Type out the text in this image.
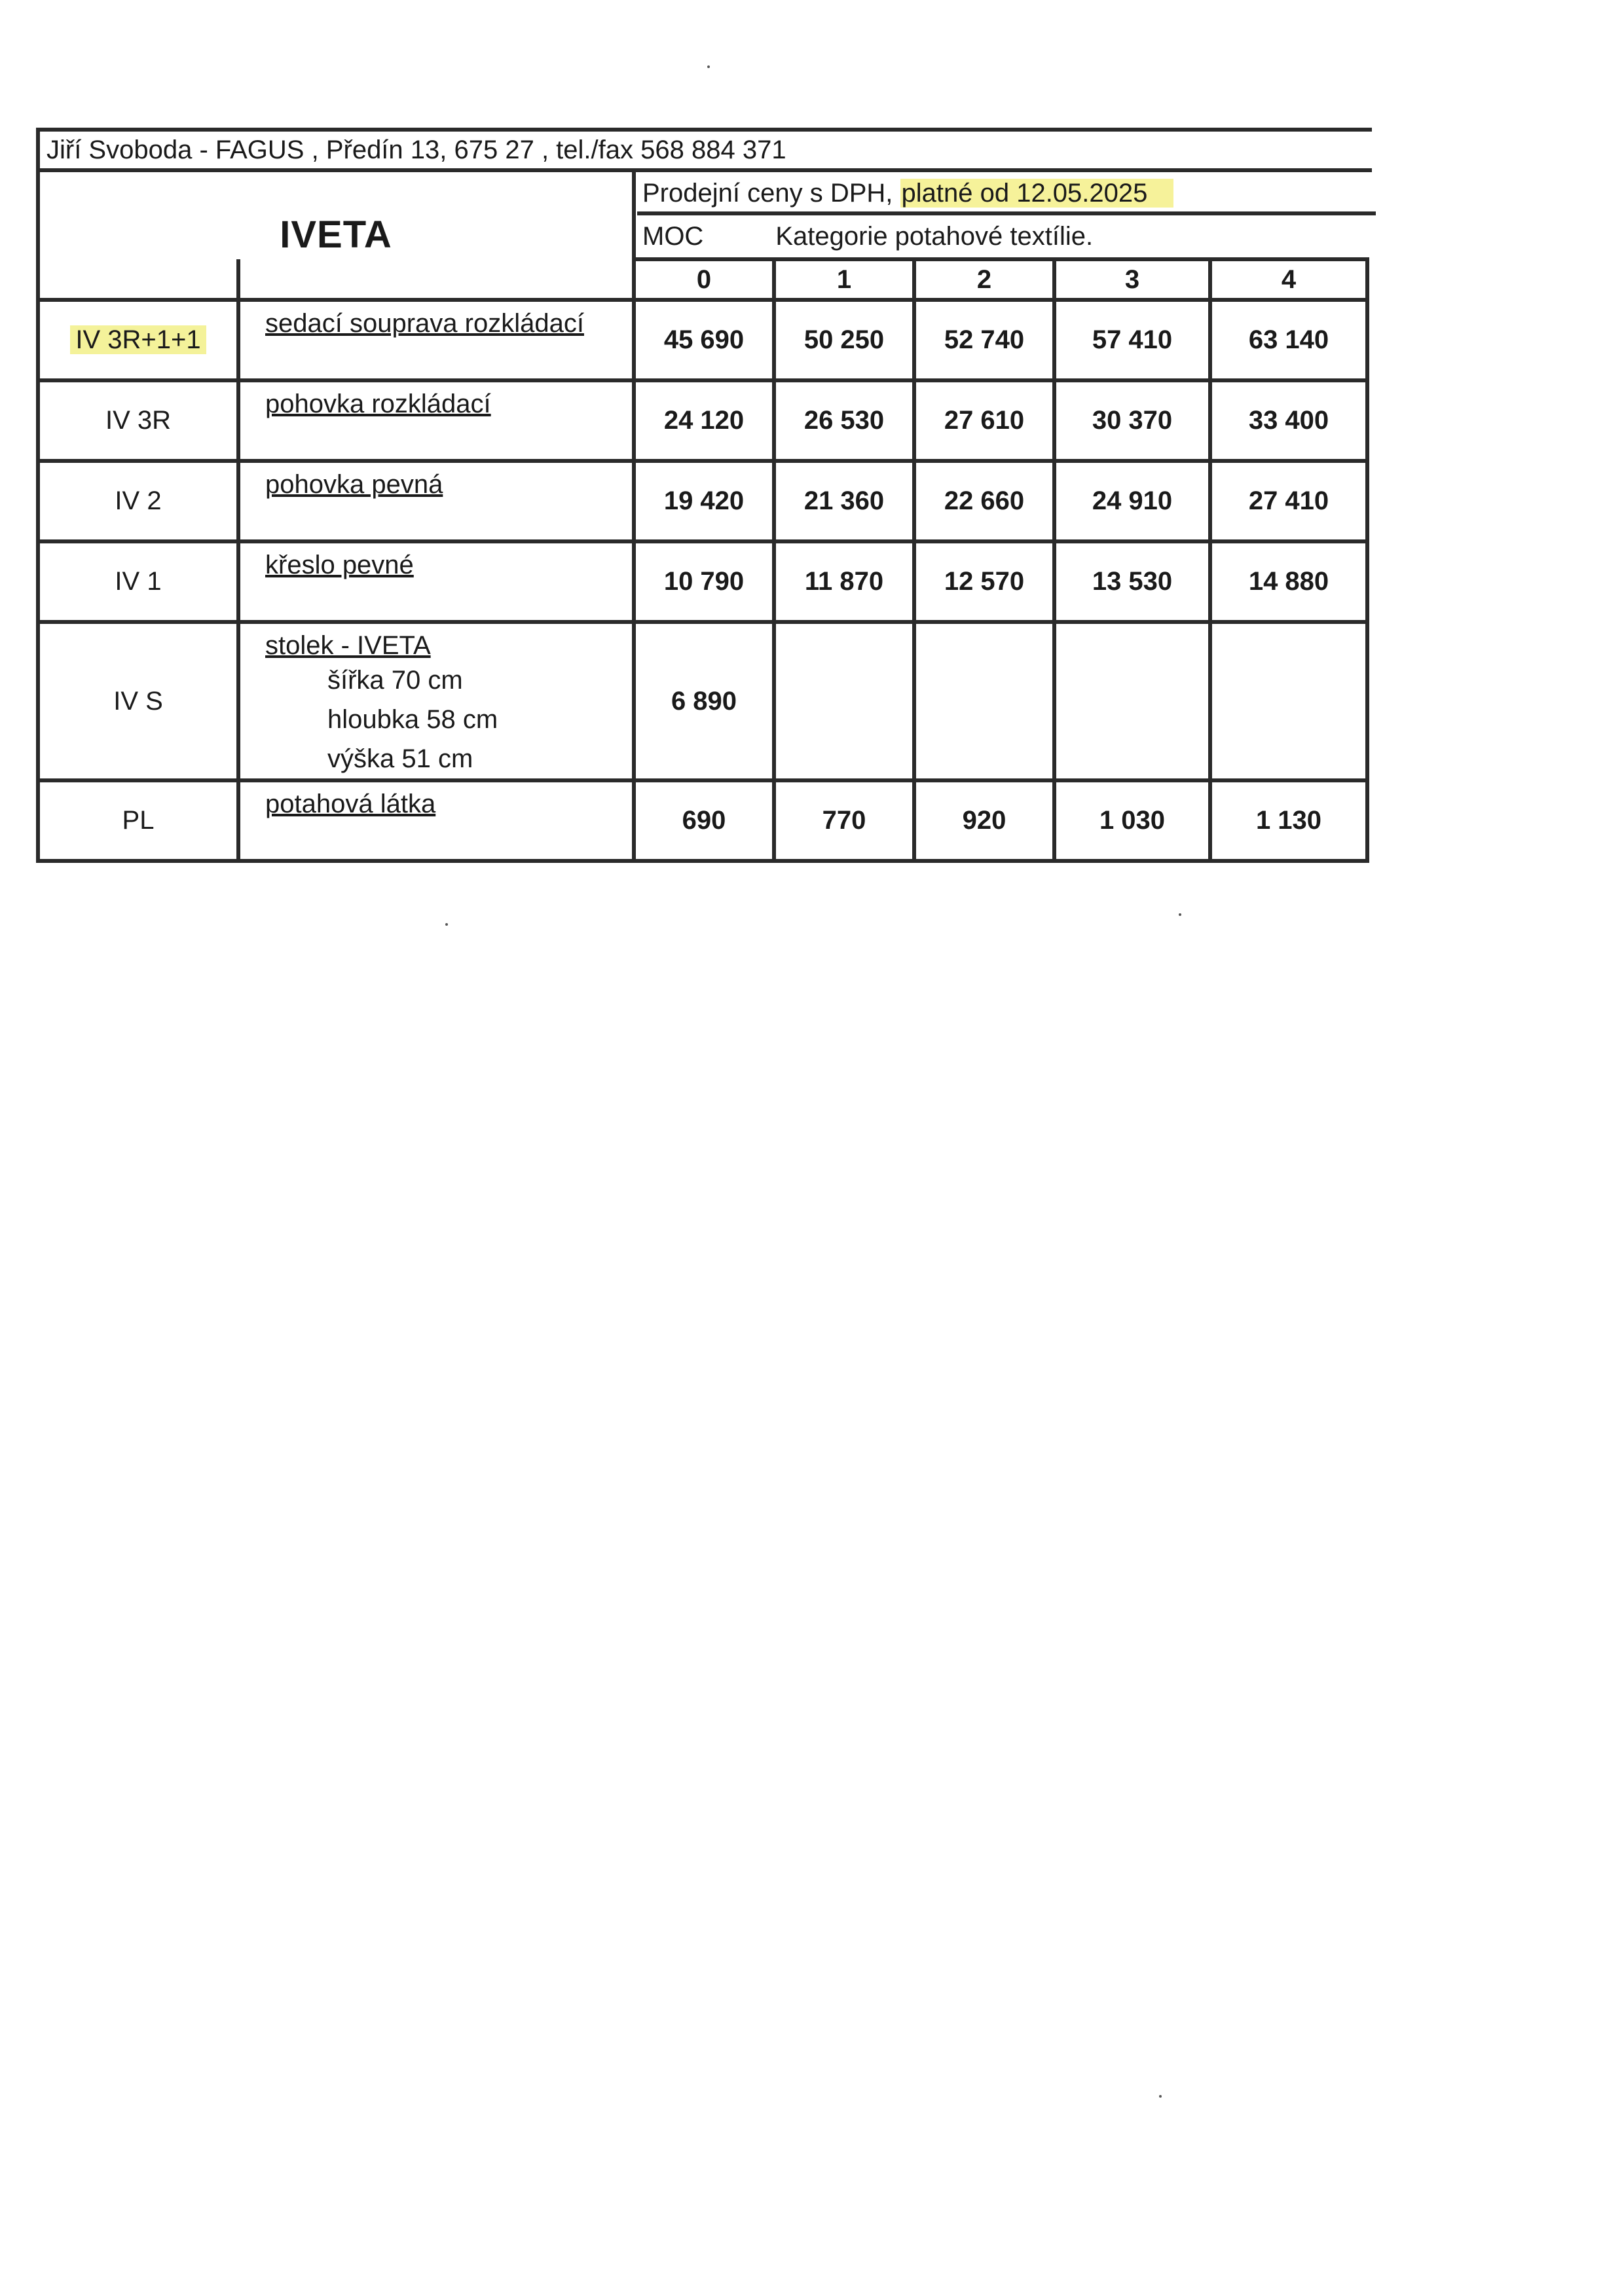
Jiří Svoboda - FAGUS , Předín 13, 675 27 , tel./fax 568 884 371
IVETA
Prodejní ceny s DPH, platné od 12.05.2025
MOC	Kategorie potahové textílie.
		0	1	2	3	4
IV 3R+1+1	sedací souprava rozkládací	45 690	50 250	52 740	57 410	63 140
IV 3R	pohovka rozkládací	24 120	26 530	27 610	30 370	33 400
IV 2	pohovka pevná	19 420	21 360	22 660	24 910	27 410
IV 1	křeslo pevné	10 790	11 870	12 570	13 530	14 880
IV S	stolek - IVETA
šířka 70 cm
hloubka 58 cm
výška 51 cm	6 890				
PL	potahová látka	690	770	920	1 030	1 130
